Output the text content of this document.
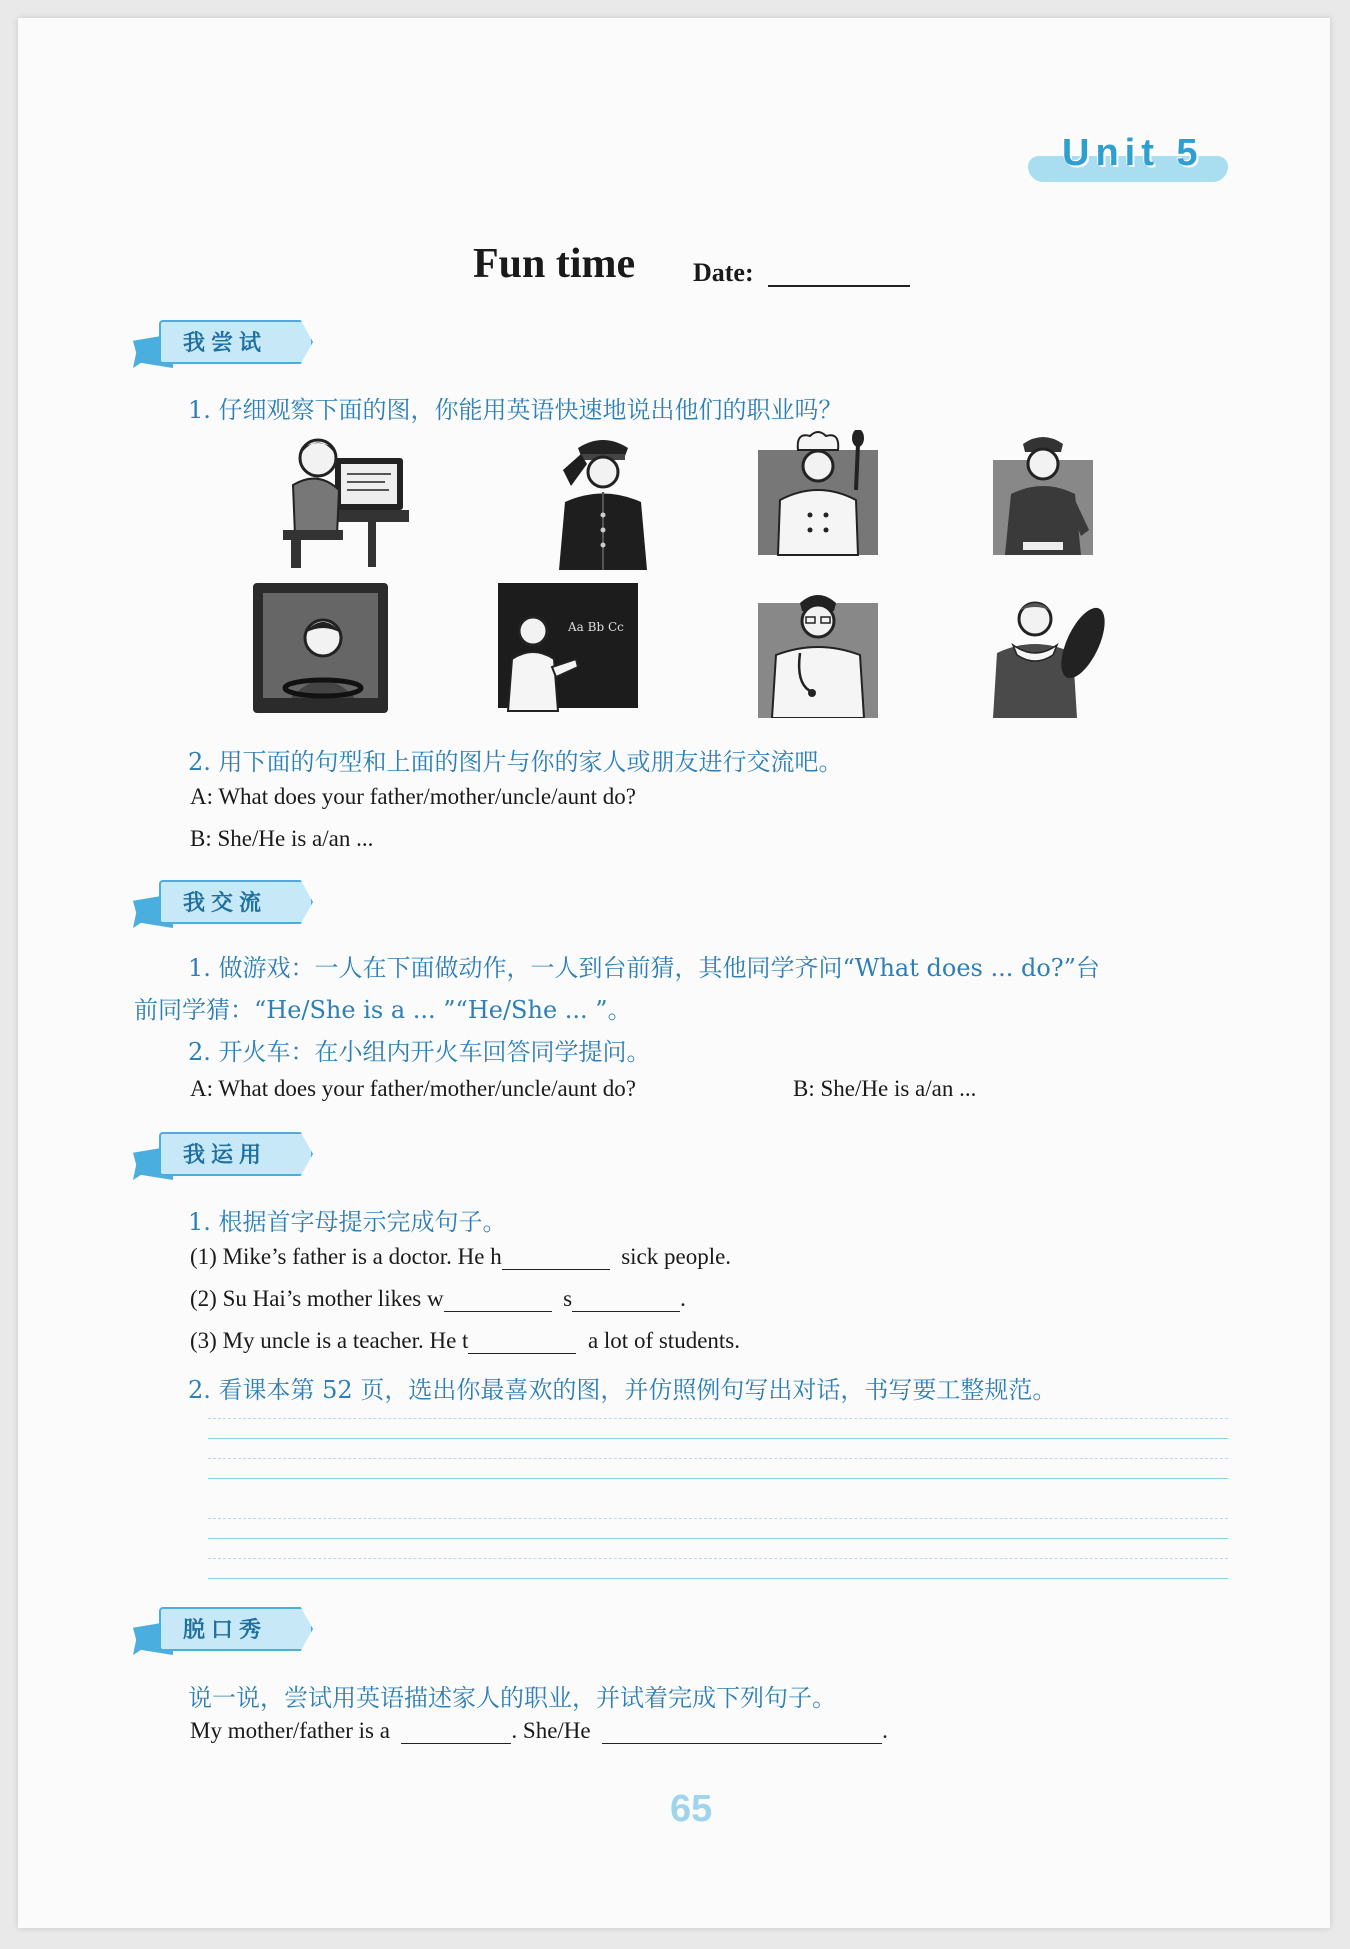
Unit 5
Fun time Date:
我尝试
1. 仔细观察下面的图，你能用英语快速地说出他们的职业吗？
Aa Bb Cc
2. 用下面的句型和上面的图片与你的家人或朋友进行交流吧。
A: What does your father/mother/uncle/aunt do?
B: She/He is a/an ...
我交流
1. 做游戏：一人在下面做动作，一人到台前猜，其他同学齐问“What does ... do?”台
前同学猜：“He/She is a ... ”“He/She ... ”。
2. 开火车：在小组内开火车回答同学提问。
A: What does your father/mother/uncle/aunt do?	B: She/He is a/an ...
我运用
1. 根据首字母提示完成句子。
(1) Mike’s father is a doctor. He h	sick people.
(2) Su Hai’s mother likes w	s	.
(3) My uncle is a teacher. He t	a lot of students.
2. 看课本第 52 页，选出你最喜欢的图，并仿照例句写出对话，书写要工整规范。
脱口秀
说一说，尝试用英语描述家人的职业，并试着完成下列句子。
My mother/father is a	. She/He	.
65
